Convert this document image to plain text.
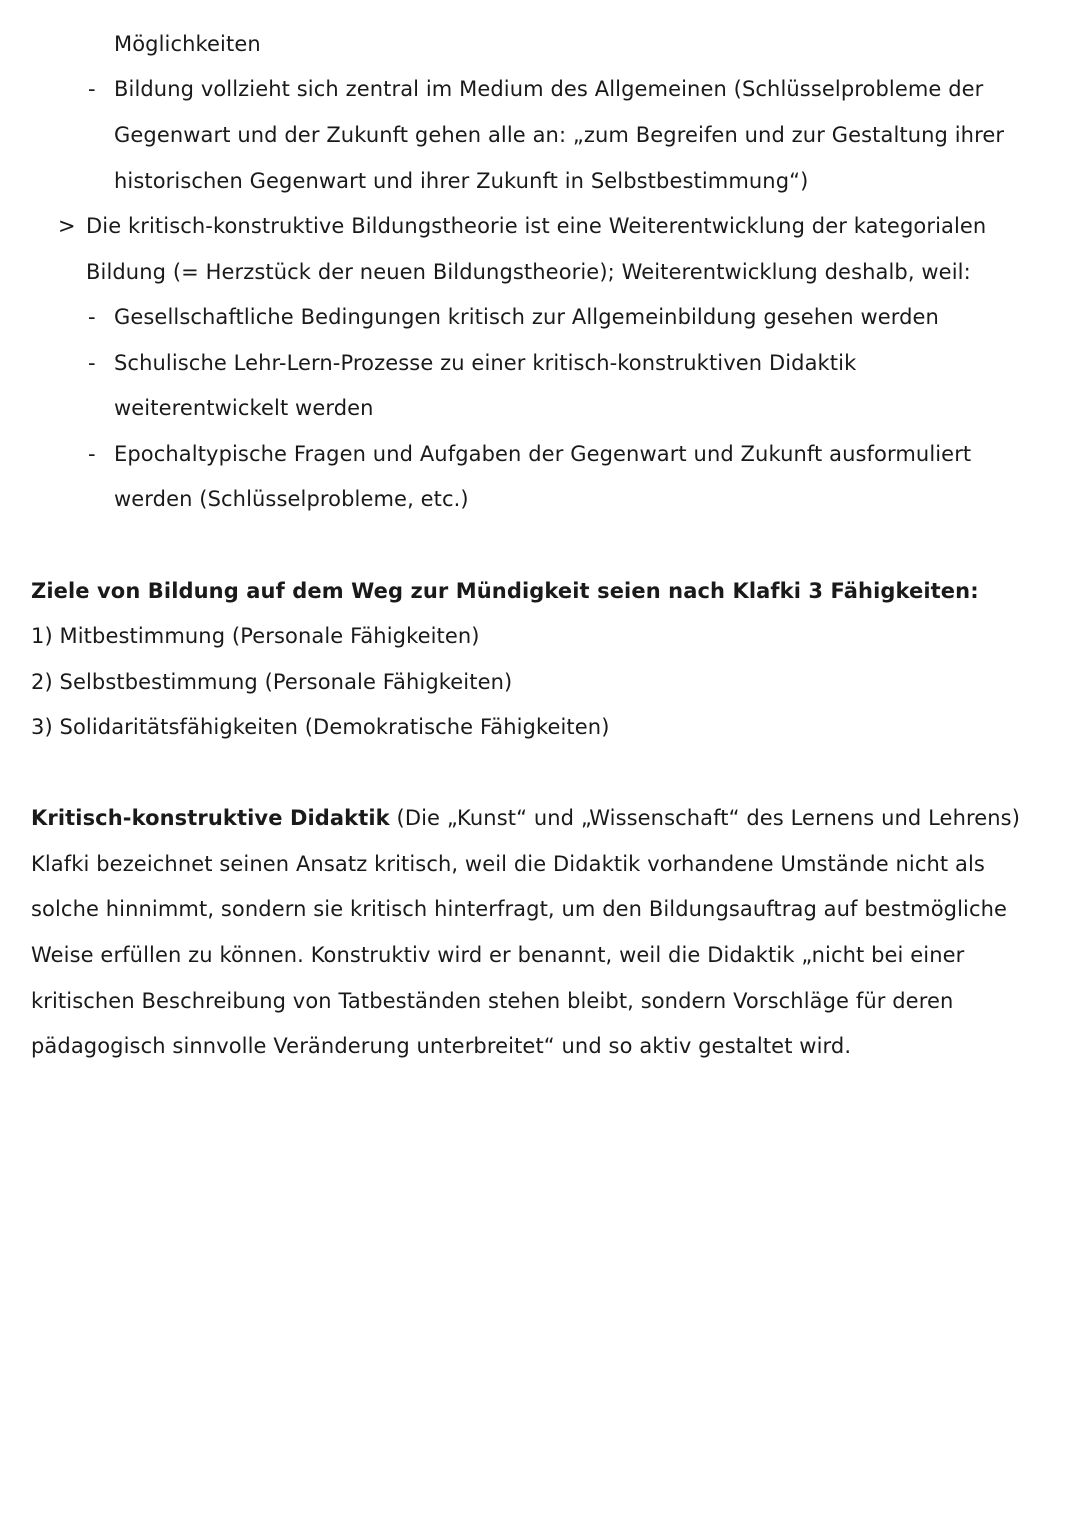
Möglichkeiten
- Bildung vollzieht sich zentral im Medium des Allgemeinen (Schlüsselprobleme der
Gegenwart und der Zukunft gehen alle an: „zum Begreifen und zur Gestaltung ihrer
historischen Gegenwart und ihrer Zukunft in Selbstbestimmung“)
> Die kritisch-konstruktive Bildungstheorie ist eine Weiterentwicklung der kategorialen
Bildung (= Herzstück der neuen Bildungstheorie); Weiterentwicklung deshalb, weil:
- Gesellschaftliche Bedingungen kritisch zur Allgemeinbildung gesehen werden
- Schulische Lehr-Lern-Prozesse zu einer kritisch-konstruktiven Didaktik
weiterentwickelt werden
- Epochaltypische Fragen und Aufgaben der Gegenwart und Zukunft ausformuliert
werden (Schlüsselprobleme, etc.)
Ziele von Bildung auf dem Weg zur Mündigkeit seien nach Klafki 3 Fähigkeiten:
1) Mitbestimmung (Personale Fähigkeiten)
2) Selbstbestimmung (Personale Fähigkeiten)
3) Solidaritätsfähigkeiten (Demokratische Fähigkeiten)
Kritisch-konstruktive Didaktik (Die „Kunst“ und „Wissenschaft“ des Lernens und Lehrens)
Klafki bezeichnet seinen Ansatz kritisch, weil die Didaktik vorhandene Umstände nicht als
solche hinnimmt, sondern sie kritisch hinterfragt, um den Bildungsauftrag auf bestmögliche
Weise erfüllen zu können. Konstruktiv wird er benannt, weil die Didaktik „nicht bei einer
kritischen Beschreibung von Tatbeständen stehen bleibt, sondern Vorschläge für deren
pädagogisch sinnvolle Veränderung unterbreitet“ und so aktiv gestaltet wird.
